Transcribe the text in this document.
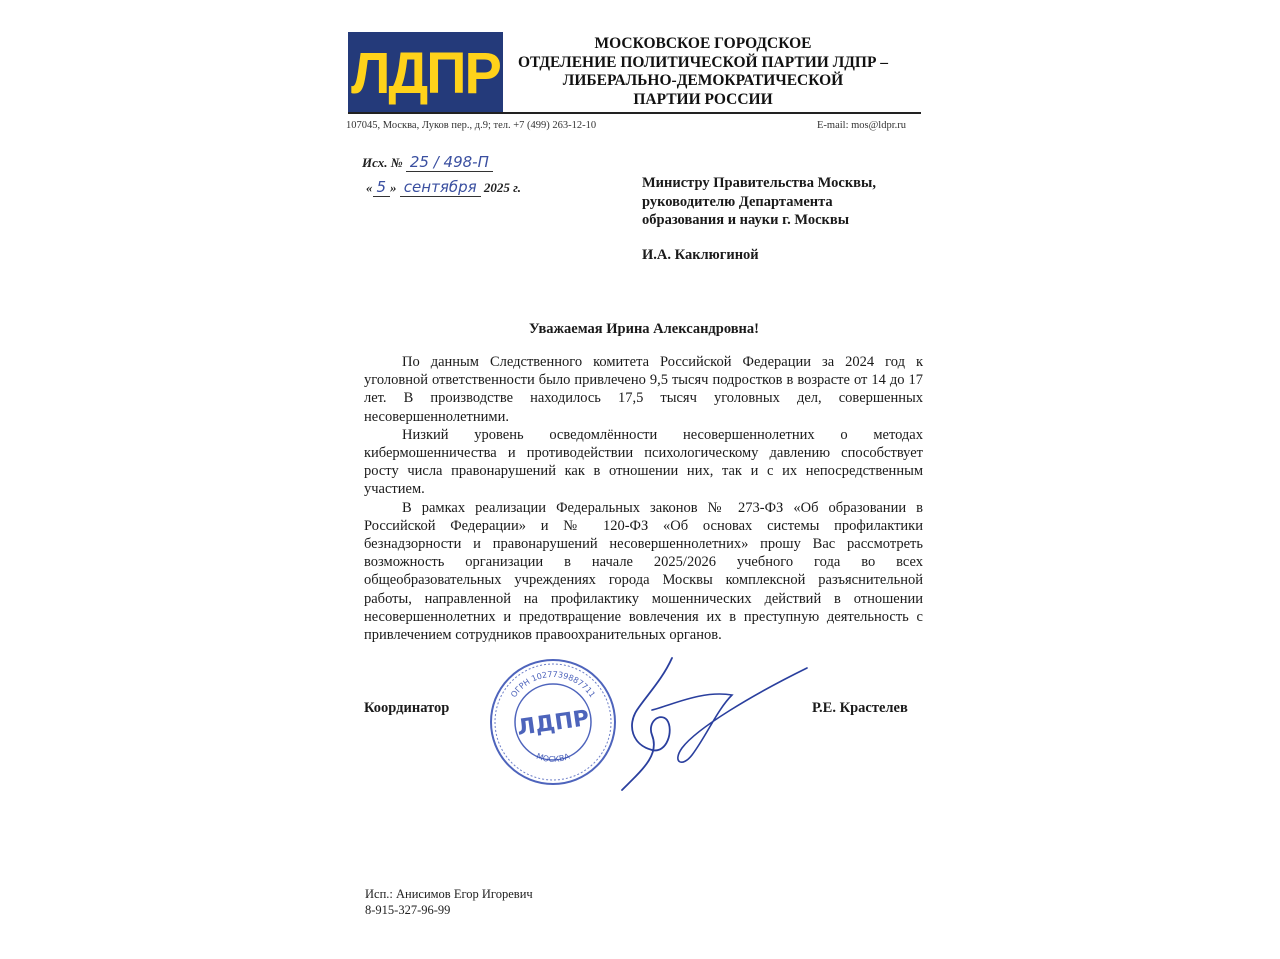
ЛДПР	МОСКОВСКОЕ ГОРОДСКОЕ
ОТДЕЛЕНИЕ ПОЛИТИЧЕСКОЙ ПАРТИИ ЛДПР –
ЛИБЕРАЛЬНО-ДЕМОКРАТИЧЕСКОЙ
ПАРТИИ РОССИИ
107045, Москва, Луков пер., д.9; тел. +7 (499) 263-12-10	E-mail: mos@ldpr.ru
Исх. № 25 / 498-П
« 5 » сентября 2025 г.	Министру Правительства Москвы,
руководителю Департамента
образования и науки г. Москвы
И.А. Каклюгиной
Уважаемая Ирина Александровна!

По данным Следственного комитета Российской Федерации за 2024 год к уголовной ответственности было привлечено 9,5 тысяч подростков в возрасте от 14 до 17 лет. В производстве находилось 17,5 тысяч уголовных дел, совершенных несовершеннолетними.

Низкий уровень осведомлённости несовершеннолетних о методах кибермошенничества и противодействии психологическому давлению способствует росту числа правонарушений как в отношении них, так и с их непосредственным участием.

В рамках реализации Федеральных законов № 273-ФЗ «Об образовании в Российской Федерации» и № 120-ФЗ «Об основах системы профилактики безнадзорности и правонарушений несовершеннолетних» прошу Вас рассмотреть возможность организации в начале 2025/2026 учебного года во всех общеобразовательных учреждениях города Москвы комплексной разъяснительной работы, направленной на профилактику мошеннических действий в отношении несовершеннолетних и предотвращение вовлечения их в преступную деятельность с привлечением сотрудников правоохранительных органов.

Координатор	Р.Е. Крастелев
ОГРН 1027739887711
МОСКВА
ЛДПР
Исп.: Анисимов Егор Игоревич
8-915-327-96-99
